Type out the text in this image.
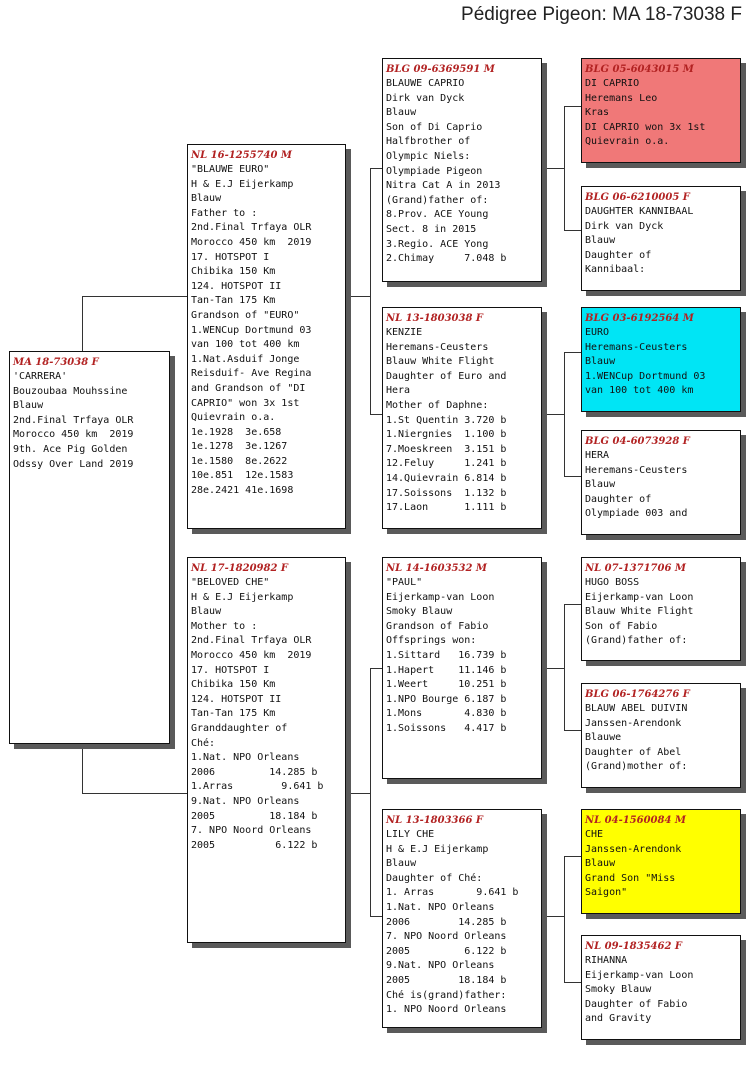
Pédigree Pigeon: MA 18-73038 F
MA 18-73038 F
'CARRERA'
Bouzoubaa Mouhssine
Blauw
2nd.Final Trfaya OLR
Morocco 450 km  2019
9th. Ace Pig Golden
Odssy Over Land 2019
NL 16-1255740 M
"BLAUWE EURO"
H & E.J Eijerkamp
Blauw
Father to :
2nd.Final Trfaya OLR
Morocco 450 km  2019
17. HOTSPOT I
Chibika 150 Km
124. HOTSPOT II
Tan-Tan 175 Km
Grandson of "EURO"
1.WENCup Dortmund 03
van 100 tot 400 km
1.Nat.Asduif Jonge
Reisduif- Ave Regina
and Grandson of "DI
CAPRIO" won 3x 1st
Quievrain o.a.
1e.1928  3e.658
1e.1278  3e.1267
1e.1580  8e.2622
10e.851  12e.1583
28e.2421 41e.1698
NL 17-1820982 F
"BELOVED CHE"
H & E.J Eijerkamp
Blauw
Mother to :
2nd.Final Trfaya OLR
Morocco 450 km  2019
17. HOTSPOT I
Chibika 150 Km
124. HOTSPOT II
Tan-Tan 175 Km
Granddaughter of
Ché:
1.Nat. NPO Orleans
2006         14.285 b
1.Arras        9.641 b
9.Nat. NPO Orleans
2005         18.184 b
7. NPO Noord Orleans
2005          6.122 b
BLG 09-6369591 M
BLAUWE CAPRIO
Dirk van Dyck
Blauw
Son of Di Caprio
Halfbrother of
Olympic Niels:
Olympiade Pigeon
Nitra Cat A in 2013
(Grand)father of:
8.Prov. ACE Young
Sect. 8 in 2015
3.Regio. ACE Yong
2.Chimay     7.048 b
NL 13-1803038 F
KENZIE
Heremans-Ceusters
Blauw White Flight
Daughter of Euro and
Hera
Mother of Daphne:
1.St Quentin 3.720 b
1.Niergnies  1.100 b
7.Moeskreen  3.151 b
12.Feluy     1.241 b
14.Quievrain 6.814 b
17.Soissons  1.132 b
17.Laon      1.111 b
NL 14-1603532 M
"PAUL"
Eijerkamp-van Loon
Smoky Blauw
Grandson of Fabio
Offsprings won:
1.Sittard   16.739 b
1.Hapert    11.146 b
1.Weert     10.251 b
1.NPO Bourge 6.187 b
1.Mons       4.830 b
1.Soissons   4.417 b
NL 13-1803366 F
LILY CHE
H & E.J Eijerkamp
Blauw
Daughter of Ché:
1. Arras       9.641 b
1.Nat. NPO Orleans
2006        14.285 b
7. NPO Noord Orleans
2005         6.122 b
9.Nat. NPO Orleans
2005        18.184 b
Ché is(grand)father:
1. NPO Noord Orleans
BLG 05-6043015 M
DI CAPRIO
Heremans Leo
Kras
DI CAPRIO won 3x 1st
Quievrain o.a.
BLG 06-6210005 F
DAUGHTER KANNIBAAL
Dirk van Dyck
Blauw
Daughter of
Kannibaal:
BLG 03-6192564 M
EURO
Heremans-Ceusters
Blauw
1.WENCup Dortmund 03
van 100 tot 400 km
BLG 04-6073928 F
HERA
Heremans-Ceusters
Blauw
Daughter of
Olympiade 003 and
NL 07-1371706 M
HUGO BOSS
Eijerkamp-van Loon
Blauw White Flight
Son of Fabio
(Grand)father of:
BLG 06-1764276 F
BLAUW ABEL DUIVIN
Janssen-Arendonk
Blauwe
Daughter of Abel
(Grand)mother of:
NL 04-1560084 M
CHE
Janssen-Arendonk
Blauw
Grand Son "Miss
Saigon"
NL 09-1835462 F
RIHANNA
Eijerkamp-van Loon
Smoky Blauw
Daughter of Fabio
and Gravity
